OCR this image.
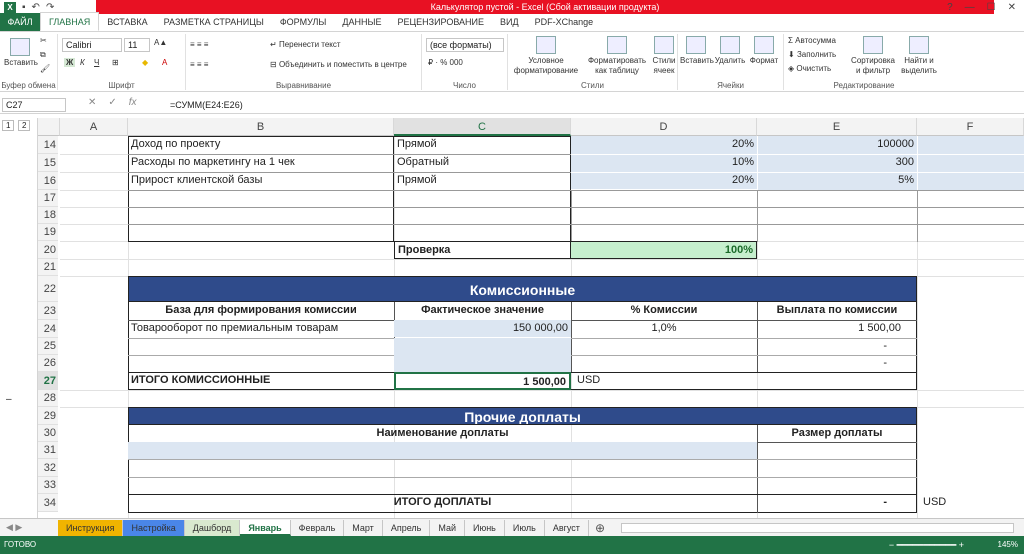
X ▪ ↶ ↷	Калькулятор пустой - Excel (Сбой активации продукта)	? — ☐ ✕
ФАЙЛ	ГЛАВНАЯ	ВСТАВКА	РАЗМЕТКА СТРАНИЦЫ	ФОРМУЛЫ	ДАННЫЕ	РЕЦЕНЗИРОВАНИЕ	ВИД	PDF-XChange
Вставить
✂
⧉
🖌
Буфер обмена
Calibri	11	A▲
Ж К Ч ⊞	◆ A
Шрифт
≡ ≡ ≡
≡ ≡ ≡
↵ Перенести текст
⊟ Объединить и поместить в центре
Выравнивание
(все форматы)
₽ · % 000
Число
Условное форматирование
Форматировать как таблицу
Стили ячеек
Стили
Вставить Удалить Формат
Ячейки
Σ Автосумма
⬇ Заполнить
◈ Очистить
Сортировка и фильтр
Найти и выделить
Редактирование
C27	✕ ✓ fx	=СУММ(E24:E26)
1	2
–
A	B	C	D	E	F
14
15
16
17
18
19
20
21
22
23
24
25
26
27
28
29
30
31
32
33
34
Доход по проекту	Прямой	20%	100000
Расходы по маркетингу на 1 чек	Обратный	10%	300
Прирост клиентской базы	Прямой	20%	5%
Проверка	100%
Комиссионные
База для формирования комиссии	Фактическое значение	% Комиссии	Выплата по комиссии
Товарооборот по премиальным товарам	150 000,00	1,0%	1 500,00
-
-
ИТОГО КОМИССИОННЫЕ	1 500,00	USD
Прочие доплаты
Наименование доплаты	Размер доплаты
ИТОГО ДОПЛАТЫ	-	USD
◀ ▶	Инструкция	Настройка	Дашборд	Январь	Февраль	Март	Апрель	Май	Июнь	Июль	Август	⊕
ГОТОВО	145%
− ━━━━━━━━━━━ +
